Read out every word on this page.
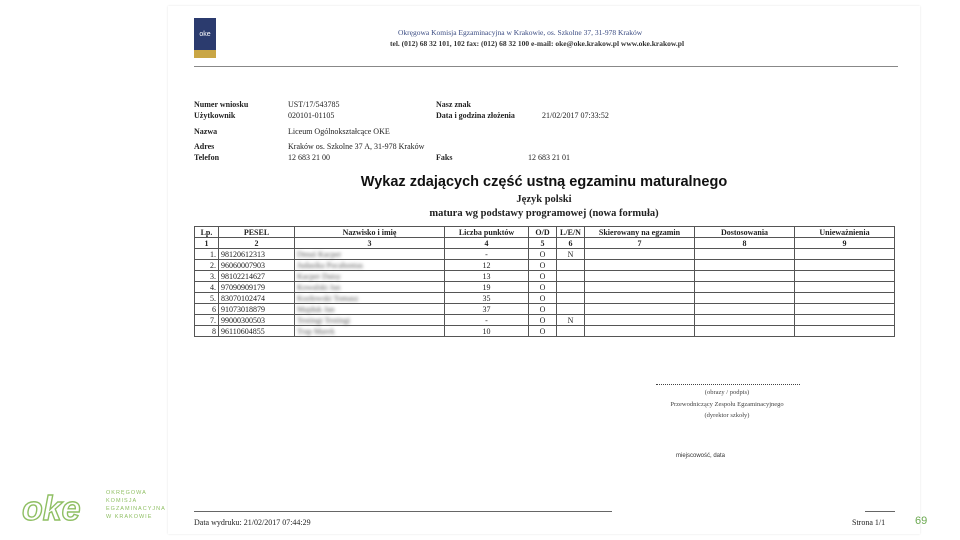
oke	Okręgowa Komisja Egzaminacyjna w Krakowie, os. Szkolne 37, 31-978 Kraków
tel. (012) 68 32 101, 102 fax: (012) 68 32 100 e-mail: oke@oke.krakow.pl www.oke.krakow.pl
Numer wniosku	UST/17/543785	Nasz znak
Użytkownik	020101-01105	Data i godzina złożenia	21/02/2017 07:33:52
Nazwa	Liceum Ogólnokształcące OKE
Adres	Kraków os. Szkolne 37 A, 31-978 Kraków
Telefon	12 683 21 00	Faks	12 683 21 01
Wykaz zdających część ustną egzaminu maturalnego
Język polski
matura wg podstawy programowej (nowa formuła)
Lp.	PESEL	Nazwisko i imię	Liczba punktów	O/D	L/E/N	Skierowany na egzamin	Dostosowania	Unieważnienia
1	2	3	4	5	6	7	8	9
1.	98120612313	Dmuś Kacper	-	O	N			
2.	96060007903	Judasika Pocahontas	12	O				
3.	98102214627	Kacper Daisy	13	O				
4.	97090909179	Kowalski Jan	19	O				
5.	83070102474	Kozłowski Tomasz	35	O				
6	91073018879	Majduk Jan	37	O				
7.	99000300503	Testingi Testingi	-	O	N			
8	96110604855	Trap Marek	10	O				
(obrazy / podpis)
Przewodniczący Zespołu Egzaminacyjnego
(dyrektor szkoły)
miejscowość, data
Data wydruku: 21/02/2017 07:44:29	Strona 1/1
oke	OKRĘGOWA
KOMISJA
EGZAMINACYJNA
W KRAKOWIE	69
